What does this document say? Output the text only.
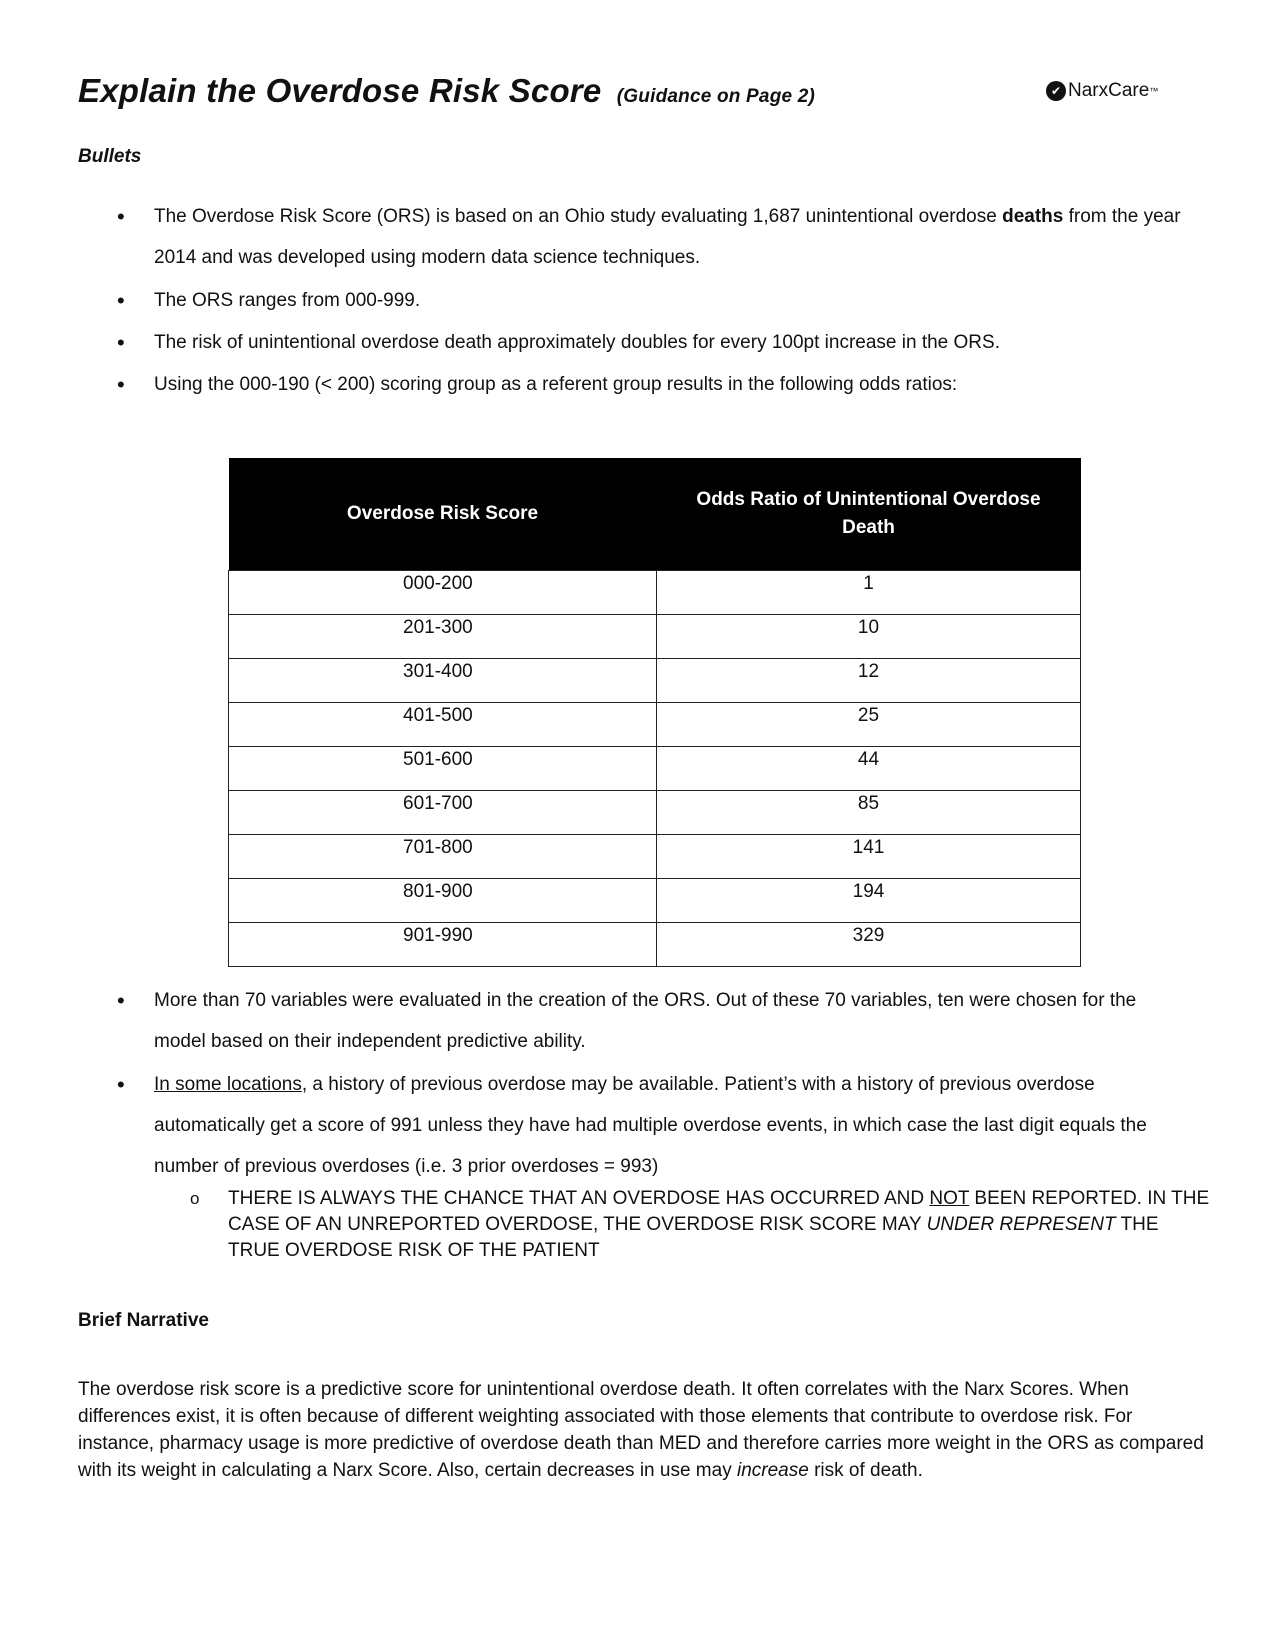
Explain the Overdose Risk Score (Guidance on Page 2)	✔ NarxCare ™
Bullets
• The Overdose Risk Score (ORS) is based on an Ohio study evaluating 1,687 unintentional overdose deaths from the year 2014 and was developed using modern data science techniques.
• The ORS ranges from 000-999.
• The risk of unintentional overdose death approximately doubles for every 100pt increase in the ORS.
• Using the 000-190 (< 200) scoring group as a referent group results in the following odds ratios:
Overdose Risk Score	Odds Ratio of Unintentional Overdose Death
000-200	1
201-300	10
301-400	12
401-500	25
501-600	44
601-700	85
701-800	141
801-900	194
901-990	329
• More than 70 variables were evaluated in the creation of the ORS. Out of these 70 variables, ten were chosen for the model based on their independent predictive ability.
• In some locations, a history of previous overdose may be available. Patient’s with a history of previous overdose automatically get a score of 991 unless they have had multiple overdose events, in which case the last digit equals the number of previous overdoses (i.e. 3 prior overdoses = 993)
o THERE IS ALWAYS THE CHANCE THAT AN OVERDOSE HAS OCCURRED AND NOT BEEN REPORTED. IN THE CASE OF AN UNREPORTED OVERDOSE, THE OVERDOSE RISK SCORE MAY UNDER REPRESENT THE TRUE OVERDOSE RISK OF THE PATIENT
Brief Narrative

The overdose risk score is a predictive score for unintentional overdose death. It often correlates with the Narx Scores. When differences exist, it is often because of different weighting associated with those elements that contribute to overdose risk. For instance, pharmacy usage is more predictive of overdose death than MED and therefore carries more weight in the ORS as compared with its weight in calculating a Narx Score. Also, certain decreases in use may increase risk of death.
